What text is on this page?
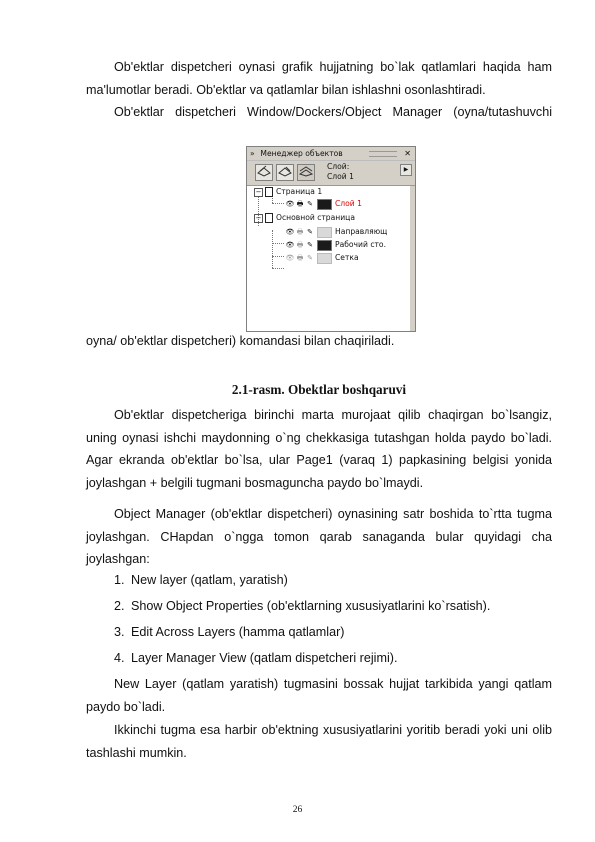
Ob'ektlar dispetcheri oynasi grafik hujjatning bo`lak qatlamlari haqida ham ma'lumotlar beradi. Ob'ektlar va qatlamlar bilan ishlashni osonlashtiradi.

Ob'ektlar dispetcheri Window/Dockers/Object Manager (oyna/tutashuvchi

» Менеджер объектов	✕
Слой:
Слой 1
▶
− Страница 1
👁 🖶 ✎	Слой 1
− Основной страница
👁 🖶 ✎	Направляющ
👁 🖶 ✎	Рабочий сто.
👁 🖶 ✎	Сетка

oyna/ ob'ektlar dispetcheri) komandasi bilan chaqiriladi.

2.1-rasm. Obektlar boshqaruvi

Ob'ektlar dispetcheriga birinchi marta murojaat qilib chaqirgan bo`lsangiz, uning oynasi ishchi maydonning o`ng chekkasiga tutashgan holda paydo bo`ladi. Agar ekranda ob'ektlar bo`lsa, ular Page1 (varaq 1) papkasining belgisi yonida joylashgan + belgili tugmani bosmaguncha paydo bo`lmaydi.

Object Manager (ob'ektlar dispetcheri) oynasining satr boshida to`rtta tugma joylashgan. CHapdan o`ngga tomon qarab sanaganda bular quyidagi cha joylashgan:

1. New layer (qatlam, yaratish)
2. Show Object Properties (ob'ektlarning xususiyatlarini ko`rsatish).
3. Edit Across Layers (hamma qatlamlar)
4. Layer Manager View (qatlam dispetcheri rejimi).

New Layer (qatlam yaratish) tugmasini bossak hujjat tarkibida yangi qatlam paydo bo`ladi.

Ikkinchi tugma esa harbir ob'ektning xususiyatlarini yoritib beradi yoki uni olib tashlashi mumkin.

26
